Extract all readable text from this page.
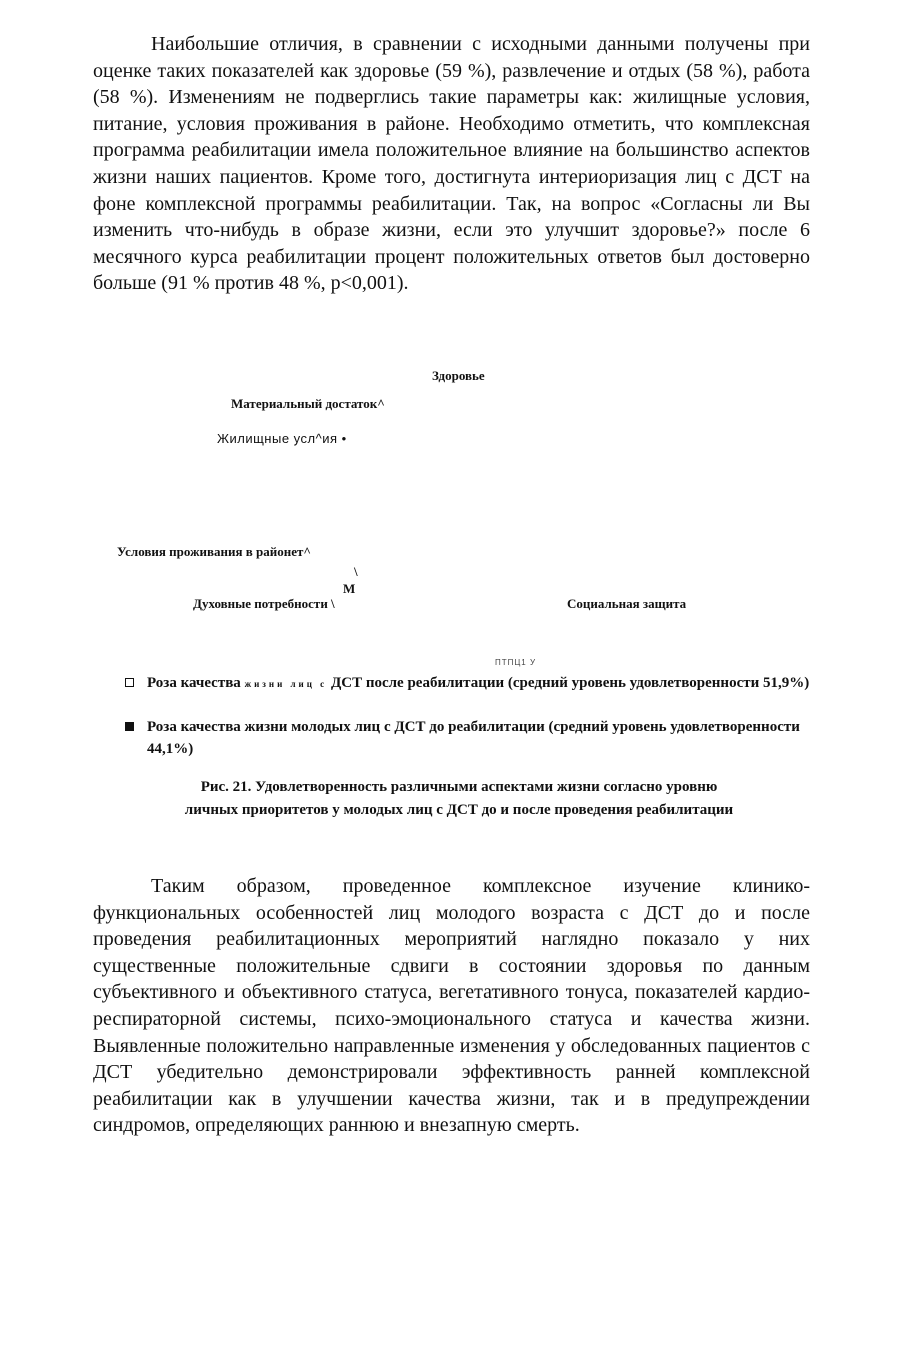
Наибольшие отличия, в сравнении с исходными данными получены при оценке таких показателей как здоровье (59 %), развлечение и отдых (58 %), работа (58 %). Изменениям не подверглись такие параметры как: жилищные условия, питание, условия проживания в районе. Необходимо отметить, что комплексная программа реабилитации имела положительное влияние на большинство аспектов жизни наших пациентов. Кроме того, достигнута интериоризация лиц с ДСТ на фоне комплексной программы реабилитации. Так, на вопрос «Согласны ли Вы изменить что-нибудь в образе жизни, если это улучшит здоровье?» после 6 месячного курса реабилитации процент положительных ответов был достоверно больше (91 % против 48 %, p<0,001).

Здоровье

Материальный достаток^

Жилищные усл^ия •

Условия проживания в районет^

\

М

Духовные потребности \	Социальная защита

ПТПЦ1 У
Роза качества жизни лиц с ДСТ после реабилитации (средний уровень удовлетворенности 51,9%)
Роза качества жизни молодых лиц с ДСТ до реабилитации (средний уровень удовлетворенности 44,1%)

Рис. 21. Удовлетворенность различными аспектами жизни согласно уровню
личных приоритетов у молодых лиц с ДСТ до и после проведения реабилитации

Таким образом, проведенное комплексное изучение клинико-функциональных особенностей лиц молодого возраста с ДСТ до и после проведения реабилитационных мероприятий наглядно показало у них существенные положительные сдвиги в состоянии здоровья по данным субъективного и объективного статуса, вегетативного тонуса, показателей кардио-респираторной системы, психо-эмоционального статуса и качества жизни. Выявленные положительно направленные изменения у обследованных пациентов с ДСТ убедительно демонстрировали эффективность ранней комплексной реабилитации как в улучшении качества жизни, так и в предупреждении синдромов, определяющих раннюю и внезапную смерть.
